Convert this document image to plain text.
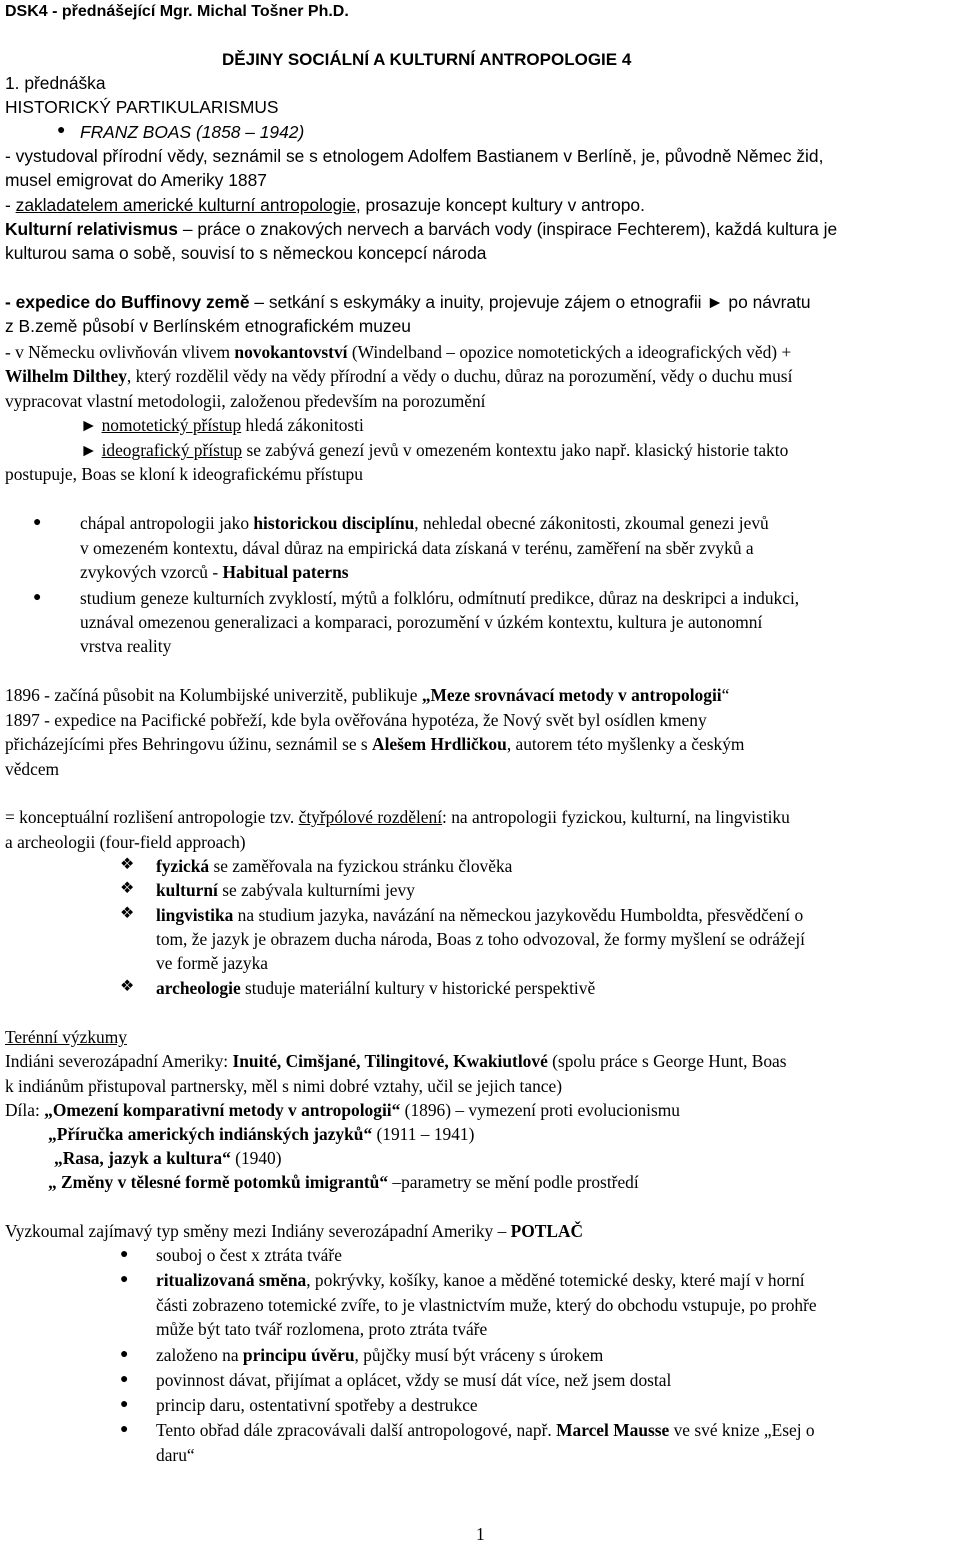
DSK4 - přednášející Mgr. Michal Tošner Ph.D.
DĚJINY SOCIÁLNÍ A KULTURNÍ ANTROPOLOGIE 4
1. přednáška
HISTORICKÝ PARTIKULARISMUS
● FRANZ BOAS (1858 – 1942)
- vystudoval přírodní vědy, seznámil se s etnologem Adolfem Bastianem v Berlíně, je, původně Němec žid,
musel emigrovat do Ameriky 1887
- zakladatelem americké kulturní antropologie, prosazuje koncept kultury v antropo.
Kulturní relativismus – práce o znakových nervech a barvách vody (inspirace Fechterem), každá kultura je
kulturou sama o sobě, souvisí to s německou koncepcí národa
- expedice do Buffinovy země – setkání s eskymáky a inuity, projevuje zájem o etnografii ► po návratu
z B.země působí v Berlínském etnografickém muzeu
- v Německu ovlivňován vlivem novokantovství (Windelband – opozice nomotetických a ideografických věd) +
Wilhelm Dilthey, který rozdělil vědy na vědy přírodní a vědy o duchu, důraz na porozumění, vědy o duchu musí
vypracovat vlastní metodologii, založenou především na porozumění
► nomotetický přístup hledá zákonitosti
► ideografický přístup se zabývá genezí jevů v omezeném kontextu jako např. klasický historie takto
postupuje, Boas se kloní k ideografickému přístupu
● chápal antropologii jako historickou disciplínu, nehledal obecné zákonitosti, zkoumal genezi jevů
v omezeném kontextu, dával důraz na empirická data získaná v terénu, zaměření na sběr zvyků a
zvykových vzorců - Habitual paterns
● studium geneze kulturních zvyklostí, mýtů a folklóru, odmítnutí predikce, důraz na deskripci a indukci,
uznával omezenou generalizaci a komparaci, porozumění v úzkém kontextu, kultura je autonomní
vrstva reality
1896 - začíná působit na Kolumbijské univerzitě, publikuje „Meze srovnávací metody v antropologii“
1897 - expedice na Pacifické pobřeží, kde byla ověřována hypotéza, že Nový svět byl osídlen kmeny
přicházejícími přes Behringovu úžinu, seznámil se s Alešem Hrdličkou, autorem této myšlenky a českým
vědcem
= konceptuální rozlišení antropologie tzv. čtyřpólové rozdělení: na antropologii fyzickou, kulturní, na lingvistiku
a archeologii (four-field approach)
❖ fyzická se zaměřovala na fyzickou stránku člověka
❖ kulturní se zabývala kulturními jevy
❖ lingvistika na studium jazyka, navázání na německou jazykovědu Humboldta, přesvědčení o
tom, že jazyk je obrazem ducha národa, Boas z toho odvozoval, že formy myšlení se odrážejí
ve formě jazyka
❖ archeologie studuje materiální kultury v historické perspektivě
Terénní výzkumy
Indiáni severozápadní Ameriky: Inuité, Cimšjané, Tilingitové, Kwakiutlové (spolu práce s George Hunt, Boas
k indiánům přistupoval partnersky, měl s nimi dobré vztahy, učil se jejich tance)
Díla: „Omezení komparativní metody v antropologii“ (1896) – vymezení proti evolucionismu
„Příručka amerických indiánských jazyků“ (1911 – 1941)
„Rasa, jazyk a kultura“ (1940)
„ Změny v tělesné formě potomků imigrantů“ –parametry se mění podle prostředí
Vyzkoumal zajímavý typ směny mezi Indiány severozápadní Ameriky – POTLAČ
● souboj o čest x ztráta tváře
● ritualizovaná směna, pokrývky, košíky, kanoe a měděné totemické desky, které mají v horní
části zobrazeno totemické zvíře, to je vlastnictvím muže, který do obchodu vstupuje, po prohře
může být tato tvář rozlomena, proto ztráta tváře
● založeno na principu úvěru, půjčky musí být vráceny s úrokem
● povinnost dávat, přijímat a oplácet, vždy se musí dát více, než jsem dostal
● princip daru, ostentativní spotřeby a destrukce
● Tento obřad dále zpracovávali další antropologové, např. Marcel Mausse ve své knize „Esej o
daru“
1
